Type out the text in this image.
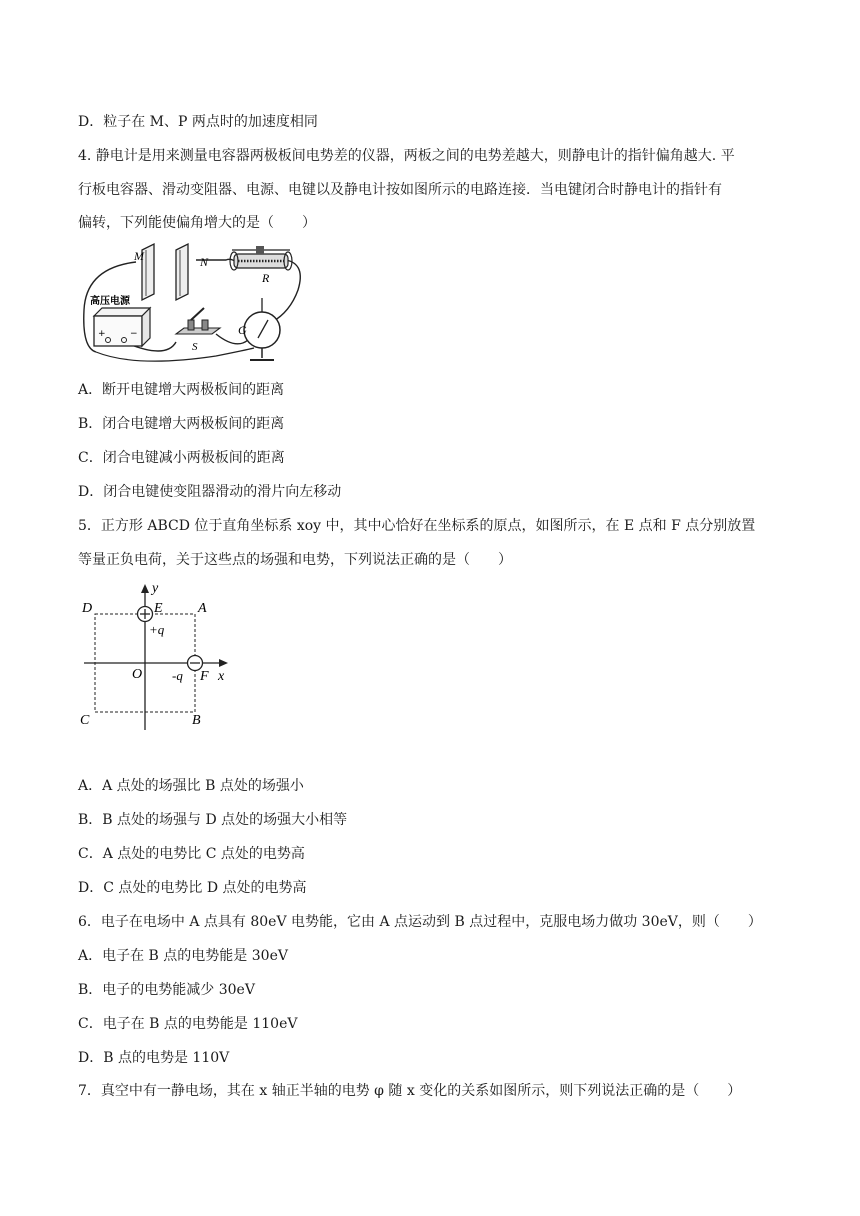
D．粒子在 M、P 两点时的加速度相同
4. 静电计是用来测量电容器两极板间电势差的仪器，两板之间的电势差越大，则静电计的指针偏角越大. 平
行板电容器、滑动变阻器、电源、电键以及静电计按如图所示的电路连接．当电键闭合时静电计的指针有
偏转，下列能使偏角增大的是（　　）
M	N
R
G
S
高压电源
+	−
A．断开电键增大两极板间的距离
B．闭合电键增大两极板间的距离
C．闭合电键减小两极板间的距离
D．闭合电键使变阻器滑动的滑片向左移动
5．正方形 ABCD 位于直角坐标系 xoy 中，其中心恰好在坐标系的原点，如图所示，在 E 点和 F 点分别放置
等量正负电荷，关于这些点的场强和电势，下列说法正确的是（　　）
D	A
C	B
E
F
O	x
y
+q
-q
A．A 点处的场强比 B 点处的场强小
B．B 点处的场强与 D 点处的场强大小相等
C．A 点处的电势比 C 点处的电势高
D．C 点处的电势比 D 点处的电势高
6．电子在电场中 A 点具有 80eV 电势能，它由 A 点运动到 B 点过程中，克服电场力做功 30eV，则（　　）
A．电子在 B 点的电势能是 30eV
B．电子的电势能减少 30eV
C．电子在 B 点的电势能是 110eV
D．B 点的电势是 110V
7．真空中有一静电场，其在 x 轴正半轴的电势 φ 随 x 变化的关系如图所示，则下列说法正确的是（　　）
